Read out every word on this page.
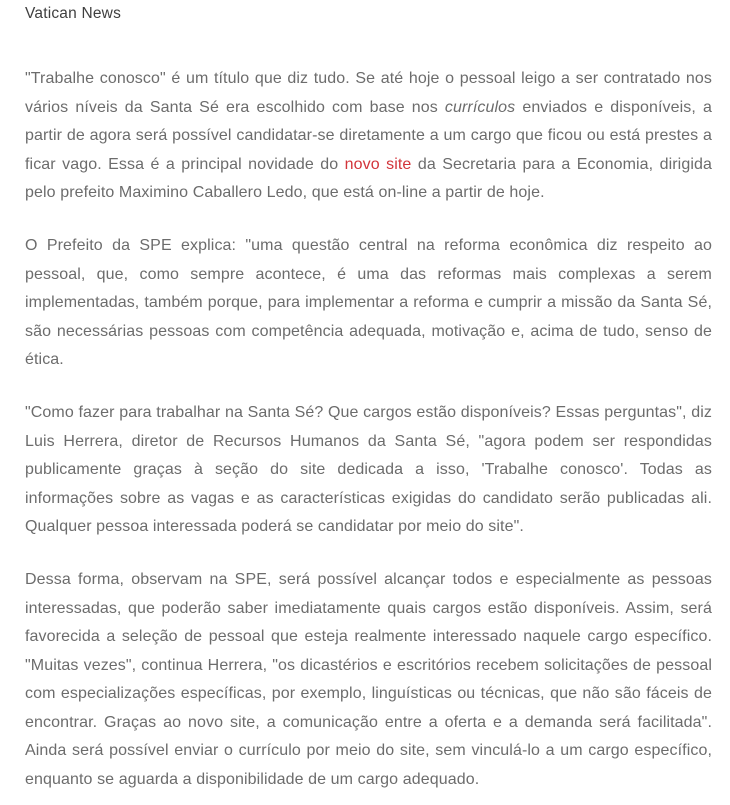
Vatican News

"Trabalhe conosco" é um título que diz tudo. Se até hoje o pessoal leigo a ser contratado nos vários níveis da Santa Sé era escolhido com base nos currículos enviados e disponíveis, a partir de agora será possível candidatar-se diretamente a um cargo que ficou ou está prestes a ficar vago. Essa é a principal novidade do novo site da Secretaria para a Economia, dirigida pelo prefeito Maximino Caballero Ledo, que está on-line a partir de hoje.

O Prefeito da SPE explica: "uma questão central na reforma econômica diz respeito ao pessoal, que, como sempre acontece, é uma das reformas mais complexas a serem implementadas, também porque, para implementar a reforma e cumprir a missão da Santa Sé, são necessárias pessoas com competência adequada, motivação e, acima de tudo, senso de ética.

"Como fazer para trabalhar na Santa Sé? Que cargos estão disponíveis? Essas perguntas", diz Luis Herrera, diretor de Recursos Humanos da Santa Sé, "agora podem ser respondidas publicamente graças à seção do site dedicada a isso, 'Trabalhe conosco'. Todas as informações sobre as vagas e as características exigidas do candidato serão publicadas ali. Qualquer pessoa interessada poderá se candidatar por meio do site".

Dessa forma, observam na SPE, será possível alcançar todos e especialmente as pessoas interessadas, que poderão saber imediatamente quais cargos estão disponíveis. Assim, será favorecida a seleção de pessoal que esteja realmente interessado naquele cargo específico. "Muitas vezes", continua Herrera, "os dicastérios e escritórios recebem solicitações de pessoal com especializações específicas, por exemplo, linguísticas ou técnicas, que não são fáceis de encontrar. Graças ao novo site, a comunicação entre a oferta e a demanda será facilitada". Ainda será possível enviar o currículo por meio do site, sem vinculá-lo a um cargo específico, enquanto se aguarda a disponibilidade de um cargo adequado.
